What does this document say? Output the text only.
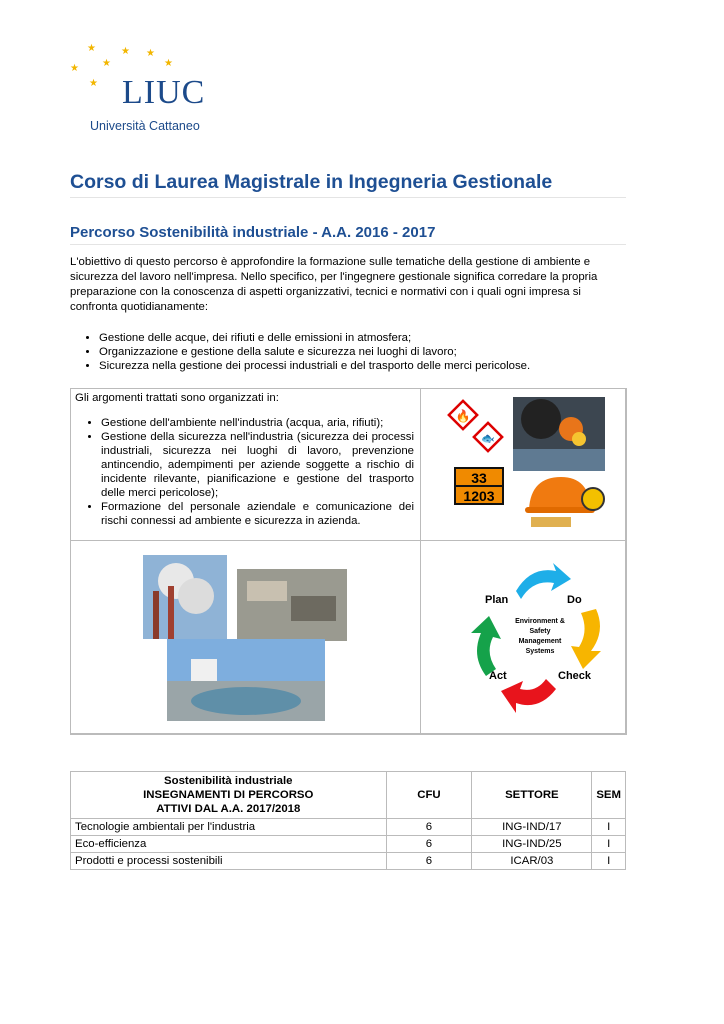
★	★ ★
★ ★	★
★ LIUC
Università Cattaneo
Corso di Laurea Magistrale in Ingegneria Gestionale
Percorso Sostenibilità industriale - A.A. 2016 - 2017
L'obiettivo di questo percorso è approfondire la formazione sulle tematiche della gestione di ambiente e sicurezza del lavoro nell'impresa. Nello specifico, per l'ingegnere gestionale significa corredare la propria preparazione con la conoscenza di aspetti organizzativi, tecnici e normativi con i quali ogni impresa si confronta quotidianamente:
• Gestione delle acque, dei rifiuti e delle emissioni in atmosfera;
• Organizzazione e gestione della salute e sicurezza nei luoghi di lavoro;
• Sicurezza nella gestione dei processi industriali e del trasporto delle merci pericolose.
Gli argomenti trattati sono organizzati in:
• Gestione dell'ambiente nell'industria (acqua, aria, rifiuti);
• Gestione della sicurezza nell'industria (sicurezza dei processi industriali, sicurezza nei luoghi di lavoro, prevenzione antincendio, adempimenti per aziende soggette a rischio di incidente rilevante, pianificazione e gestione del trasporto delle merci pericolose);
• Formazione del personale aziendale e comunicazione dei rischi connessi ad ambiente e sicurezza in azienda.
🔥
🐟
33
1203
Plan	Do
Check
Act
Environment &
Safety
Management
Systems
Sostenibilità industriale
INSEGNAMENTI DI PERCORSO
ATTIVI DAL A.A. 2017/2018	CFU	SETTORE	SEM
Tecnologie ambientali per l'industria	6	ING-IND/17	I
Eco-efficienza	6	ING-IND/25	I
Prodotti e processi sostenibili	6	ICAR/03	I
